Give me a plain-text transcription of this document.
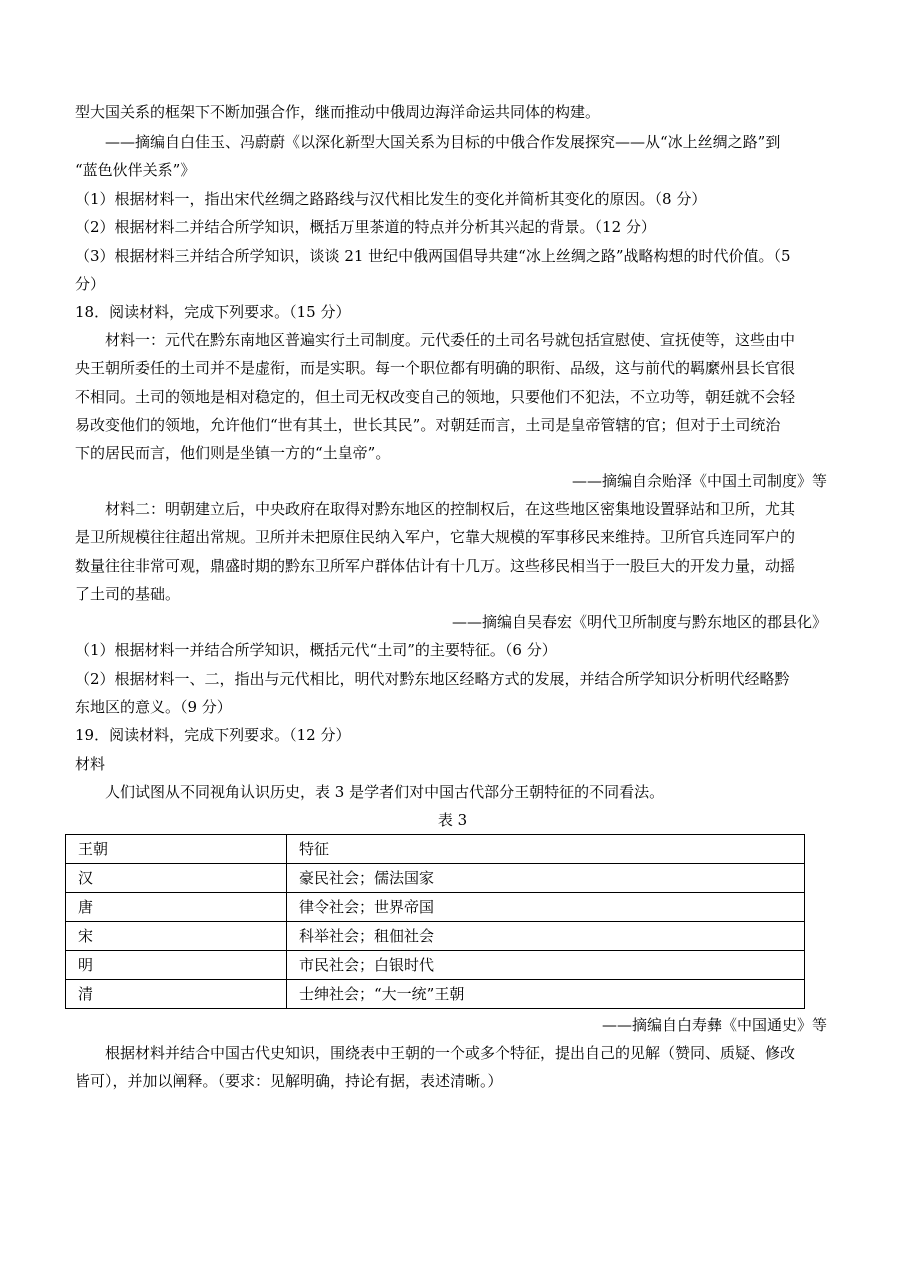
型大国关系的框架下不断加强合作，继而推动中俄周边海洋命运共同体的构建。
——摘编自白佳玉、冯蔚蔚《以深化新型大国关系为目标的中俄合作发展探究——从“冰上丝绸之路”到
“蓝色伙伴关系”》
（1）根据材料一，指出宋代丝绸之路路线与汉代相比发生的变化并简析其变化的原因。（8 分）
（2）根据材料二并结合所学知识，概括万里茶道的特点并分析其兴起的背景。（12 分）
（3）根据材料三并结合所学知识，谈谈 21 世纪中俄两国倡导共建“冰上丝绸之路”战略构想的时代价值。（5
分）
18．阅读材料，完成下列要求。（15 分）
材料一：元代在黔东南地区普遍实行土司制度。元代委任的土司名号就包括宣慰使、宣抚使等，这些由中
央王朝所委任的土司并不是虚衔，而是实职。每一个职位都有明确的职衔、品级，这与前代的羁縻州县长官很
不相同。土司的领地是相对稳定的，但土司无权改变自己的领地，只要他们不犯法，不立功等，朝廷就不会轻
易改变他们的领地，允许他们“世有其土，世长其民”。对朝廷而言，土司是皇帝管辖的官；但对于土司统治
下的居民而言，他们则是坐镇一方的“土皇帝”。
——摘编自佘贻泽《中国土司制度》等
材料二：明朝建立后，中央政府在取得对黔东地区的控制权后，在这些地区密集地设置驿站和卫所，尤其
是卫所规模往往超出常规。卫所并未把原住民纳入军户，它靠大规模的军事移民来维持。卫所官兵连同军户的
数量往往非常可观，鼎盛时期的黔东卫所军户群体估计有十几万。这些移民相当于一股巨大的开发力量，动摇
了土司的基础。
——摘编自吴春宏《明代卫所制度与黔东地区的郡县化》
（1）根据材料一并结合所学知识，概括元代“土司”的主要特征。（6 分）
（2）根据材料一、二，指出与元代相比，明代对黔东地区经略方式的发展，并结合所学知识分析明代经略黔
东地区的意义。（9 分）
19．阅读材料，完成下列要求。（12 分）
材料
人们试图从不同视角认识历史，表 3 是学者们对中国古代部分王朝特征的不同看法。
表 3
王朝	特征
汉	豪民社会；儒法国家
唐	律令社会；世界帝国
宋	科举社会；租佃社会
明	市民社会；白银时代
清	士绅社会；“大一统”王朝
——摘编自白寿彝《中国通史》等
根据材料并结合中国古代史知识，围绕表中王朝的一个或多个特征，提出自己的见解（赞同、质疑、修改
皆可），并加以阐释。（要求：见解明确，持论有据，表述清晰。）
